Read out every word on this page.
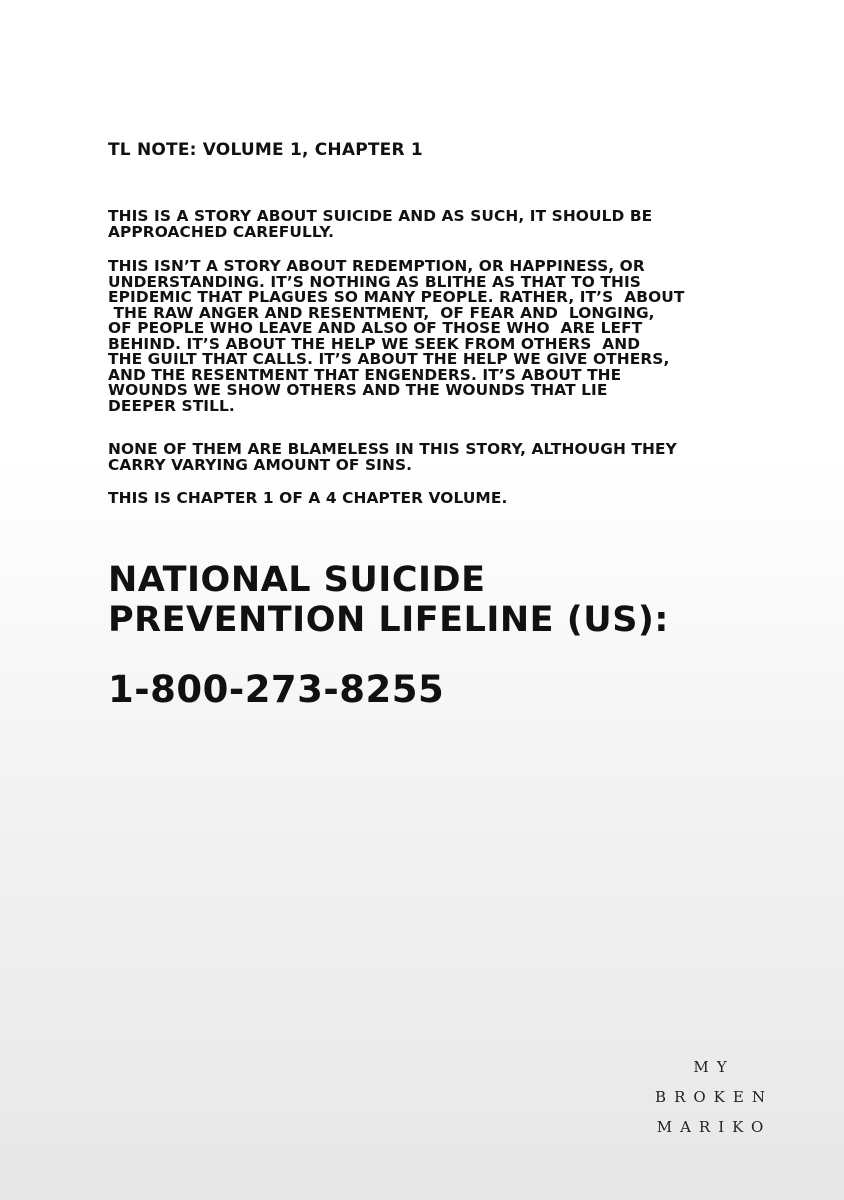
TL NOTE: VOLUME 1, CHAPTER 1
THIS IS A STORY ABOUT SUICIDE AND AS SUCH, IT SHOULD BE
APPROACHED CAREFULLY.
THIS ISN’T A STORY ABOUT REDEMPTION, OR HAPPINESS, OR
UNDERSTANDING. IT’S NOTHING AS BLITHE AS THAT TO THIS
EPIDEMIC THAT PLAGUES SO MANY PEOPLE. RATHER, IT’S  ABOUT
THE RAW ANGER AND RESENTMENT,  OF FEAR AND  LONGING,
OF PEOPLE WHO LEAVE AND ALSO OF THOSE WHO  ARE LEFT
BEHIND. IT’S ABOUT THE HELP WE SEEK FROM OTHERS  AND
THE GUILT THAT CALLS. IT’S ABOUT THE HELP WE GIVE OTHERS,
AND THE RESENTMENT THAT ENGENDERS. IT’S ABOUT THE
WOUNDS WE SHOW OTHERS AND THE WOUNDS THAT LIE
DEEPER STILL.
NONE OF THEM ARE BLAMELESS IN THIS STORY, ALTHOUGH THEY
CARRY VARYING AMOUNT OF SINS.
THIS IS CHAPTER 1 OF A 4 CHAPTER VOLUME.
NATIONAL SUICIDE
PREVENTION LIFELINE (US):
1-800-273-8255
MY
BROKEN
MARIKO
